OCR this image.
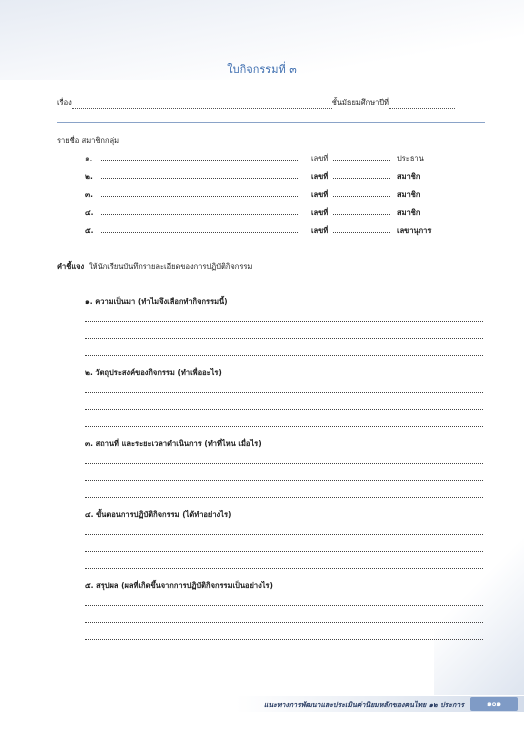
ใบกิจกรรมที่ ๓
เรื่อง	ชั้นมัธยมศึกษาปีที่
รายชื่อ สมาชิกกลุ่ม
๑.	เลขที่	ประธาน
๒.	เลขที่	สมาชิก
๓.	เลขที่	สมาชิก
๔.	เลขที่	สมาชิก
๕.	เลขที่	เลขานุการ
คำชี้แจง ให้นักเรียนบันทึกรายละเอียดของการปฏิบัติกิจกรรม
๑. ความเป็นมา (ทำไมจึงเลือกทำกิจกรรมนี้)
๒. วัตถุประสงค์ของกิจกรรม (ทำเพื่ออะไร)
๓. สถานที่ และระยะเวลาดำเนินการ (ทำที่ไหน เมื่อไร)
๔. ขั้นตอนการปฏิบัติกิจกรรม (ได้ทำอย่างไร)
๕. สรุปผล (ผลที่เกิดขึ้นจากการปฏิบัติกิจกรรมเป็นอย่างไร)
แนะทางการพัฒนาและประเมินค่านิยมหลักของคนไทย ๑๒ ประการ	๑๐๑
